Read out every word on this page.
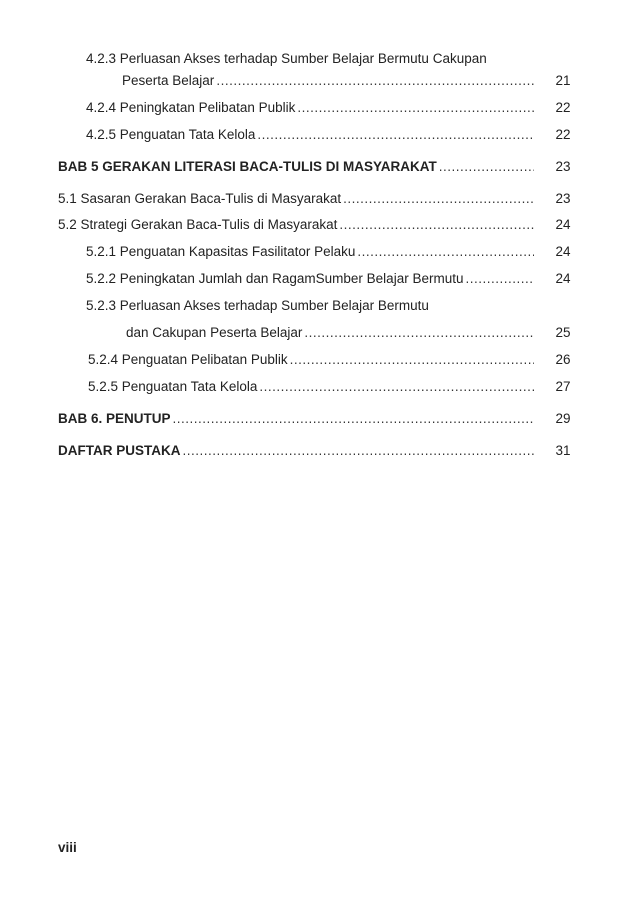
4.2.3 Perluasan Akses terhadap Sumber Belajar Bermutu Cakupan
Peserta Belajar .....	21
4.2.4 Peningkatan Pelibatan Publik .....	22
4.2.5 Penguatan Tata Kelola .....	22
BAB 5 GERAKAN LITERASI BACA-TULIS DI MASYARAKAT .....	23
5.1 Sasaran Gerakan Baca-Tulis di Masyarakat .....	23
5.2 Strategi Gerakan Baca-Tulis di Masyarakat .....	24
5.2.1 Penguatan Kapasitas Fasilitator Pelaku .....	24
5.2.2 Peningkatan Jumlah dan RagamSumber Belajar Bermutu .....	24
5.2.3 Perluasan Akses terhadap Sumber Belajar Bermutu
dan Cakupan Peserta Belajar .....	25
5.2.4 Penguatan Pelibatan Publik .....	26
5.2.5 Penguatan Tata Kelola .....	27
BAB 6. PENUTUP .....	29
DAFTAR PUSTAKA .....	31
viii
